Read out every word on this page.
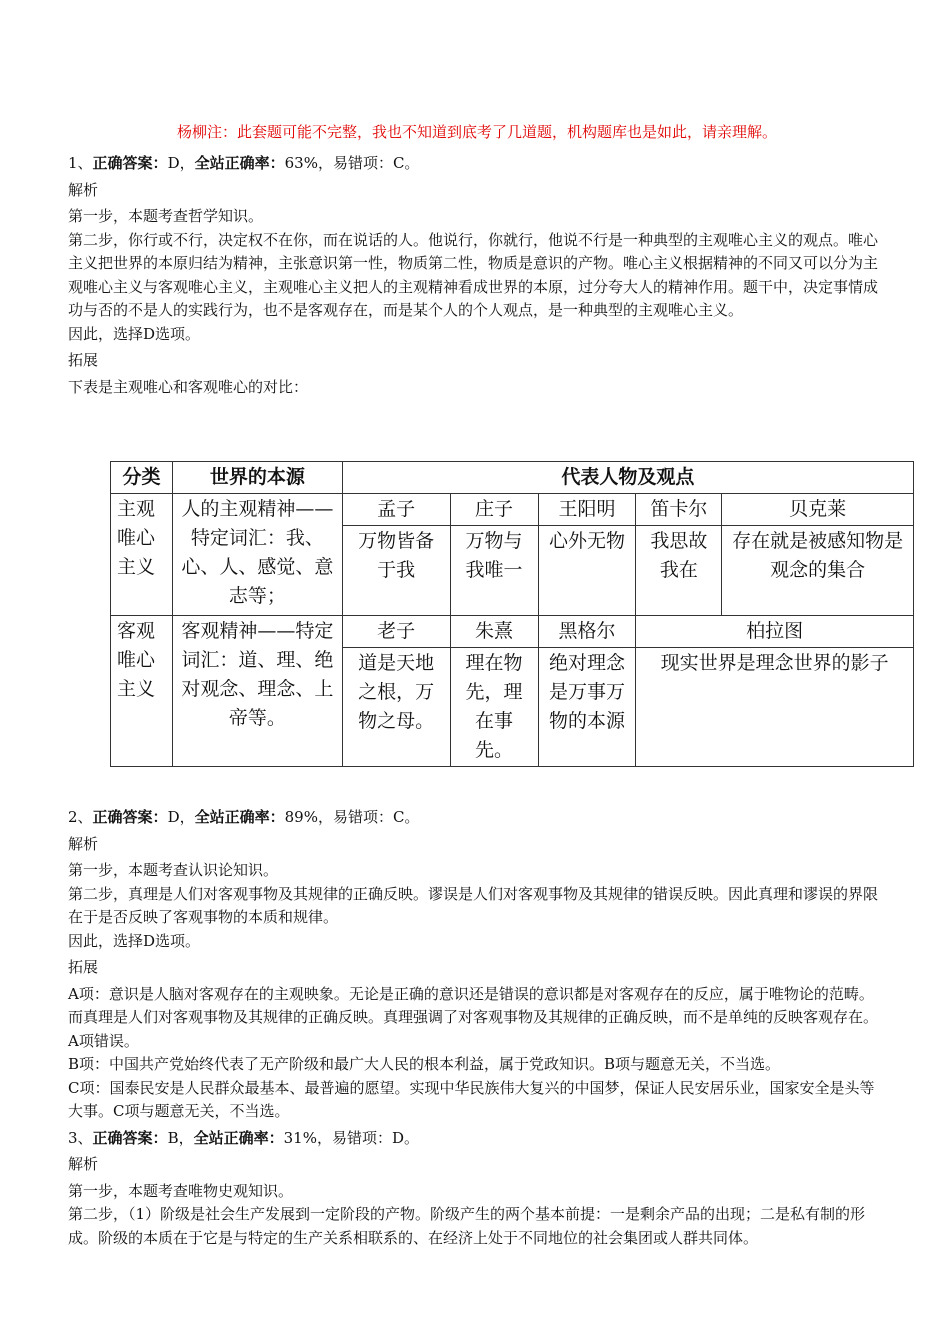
杨柳注：此套题可能不完整，我也不知道到底考了几道题，机构题库也是如此，请亲理解。

1、正确答案：D，全站正确率：63%，易错项：C。

解析

第一步，本题考查哲学知识。

第二步，你行或不行，决定权不在你，而在说话的人。他说行，你就行，他说不行是一种典型的主观唯心主义的观点。唯心主义把世界的本原归结为精神，主张意识第一性，物质第二性，物质是意识的产物。唯心主义根据精神的不同又可以分为主观唯心主义与客观唯心主义，主观唯心主义把人的主观精神看成世界的本原，过分夸大人的精神作用。题干中，决定事情成功与否的不是人的实践行为，也不是客观存在，而是某个人的个人观点，是一种典型的主观唯心主义。

因此，选择D选项。

拓展

下表是主观唯心和客观唯心的对比：

分类	世界的本源	代表人物及观点				
主观唯心主义	人的主观精神——特定词汇：我、心、人、感觉、意志等；	孟子	庄子	王阳明	笛卡尔	贝克莱
		万物皆备于我	万物与我唯一	心外无物	我思故我在	存在就是被感知物是观念的集合
客观唯心主义	客观精神——特定词汇：道、理、绝对观念、理念、上帝等。	老子	朱熹	黑格尔	柏拉图	
		道是天地之根，万物之母。	理在物先，理在事先。	绝对理念是万事万物的本源	现实世界是理念世界的影子	

2、正确答案：D，全站正确率：89%，易错项：C。

解析

第一步，本题考查认识论知识。

第二步，真理是人们对客观事物及其规律的正确反映。谬误是人们对客观事物及其规律的错误反映。因此真理和谬误的界限在于是否反映了客观事物的本质和规律。

因此，选择D选项。

拓展

A项：意识是人脑对客观存在的主观映象。无论是正确的意识还是错误的意识都是对客观存在的反应，属于唯物论的范畴。而真理是人们对客观事物及其规律的正确反映。真理强调了对客观事物及其规律的正确反映，而不是单纯的反映客观存在。A项错误。

B项：中国共产党始终代表了无产阶级和最广大人民的根本利益，属于党政知识。B项与题意无关，不当选。

C项：国泰民安是人民群众最基本、最普遍的愿望。实现中华民族伟大复兴的中国梦，保证人民安居乐业，国家安全是头等大事。C项与题意无关，不当选。

3、正确答案：B，全站正确率：31%，易错项：D。

解析

第一步，本题考查唯物史观知识。

第二步，（1）阶级是社会生产发展到一定阶段的产物。阶级产生的两个基本前提：一是剩余产品的出现；二是私有制的形成。阶级的本质在于它是与特定的生产关系相联系的、在经济上处于不同地位的社会集团或人群共同体。
